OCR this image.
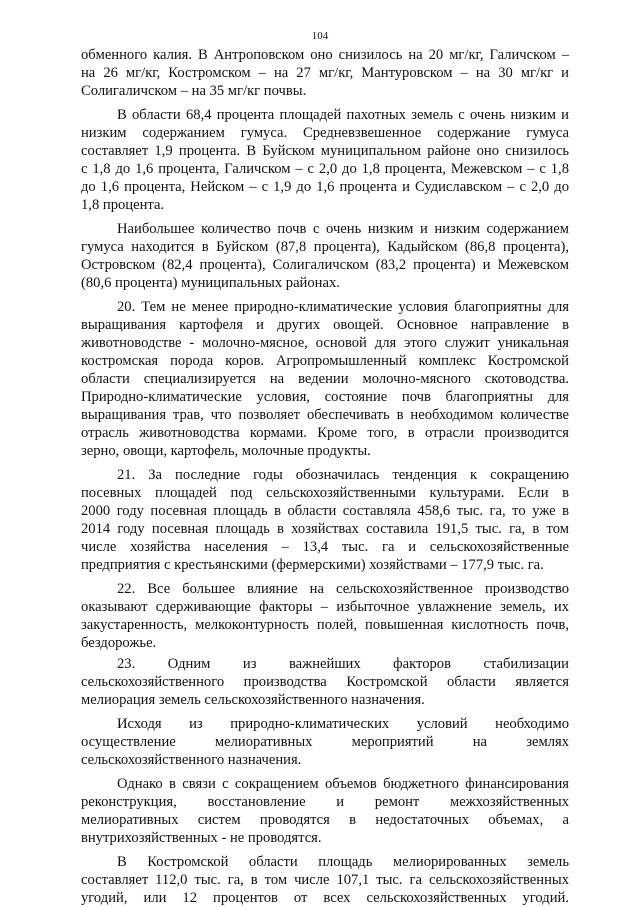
104

обменного калия. В Антроповском оно снизилось на 20 мг/кг, Галичском –
на 26 мг/кг, Костромском – на 27 мг/кг, Мантуровском – на 30 мг/кг и
Солигаличском – на 35 мг/кг почвы.

В области 68,4 процента площадей пахотных земель с очень низким и
низким содержанием гумуса. Средневзвешенное содержание гумуса
составляет 1,9 процента. В Буйском муниципальном районе оно снизилось
с 1,8 до 1,6 процента, Галичском – с 2,0 до 1,8 процента, Межевском – с 1,8
до 1,6 процента, Нейском – с 1,9 до 1,6 процента и Судиславском – с 2,0 до
1,8 процента.

Наибольшее количество почв с очень низким и низким содержанием
гумуса находится в Буйском (87,8 процента), Кадыйском (86,8 процента),
Островском (82,4 процента), Солигаличском (83,2 процента) и Межевском
(80,6 процента) муниципальных районах.

20. Тем не менее природно-климатические условия благоприятны для
выращивания картофеля и других овощей. Основное направление в
животноводстве - молочно-мясное, основой для этого служит уникальная
костромская порода коров. Агропромышленный комплекс Костромской
области специализируется на ведении молочно-мясного скотоводства.
Природно-климатические условия, состояние почв благоприятны для
выращивания трав, что позволяет обеспечивать в необходимом количестве
отрасль животноводства кормами. Кроме того, в отрасли производится
зерно, овощи, картофель, молочные продукты.

21. За последние годы обозначилась тенденция к сокращению
посевных площадей под сельскохозяйственными культурами. Если в
2000 году посевная площадь в области составляла 458,6 тыс. га, то уже в
2014 году посевная площадь в хозяйствах составила 191,5 тыс. га, в том
числе хозяйства населения – 13,4 тыс. га и сельскохозяйственные
предприятия с крестьянскими (фермерскими) хозяйствами – 177,9 тыс. га.

22. Все большее влияние на сельскохозяйственное производство
оказывают сдерживающие факторы – избыточное увлажнение земель, их
закустаренность, мелкоконтурность полей, повышенная кислотность почв,
бездорожье.

23. Одним из важнейших факторов стабилизации
сельскохозяйственного производства Костромской области является
мелиорация земель сельскохозяйственного назначения.

Исходя из природно-климатических условий необходимо
осуществление мелиоративных мероприятий на землях
сельскохозяйственного назначения.

Однако в связи с сокращением объемов бюджетного финансирования
реконструкция, восстановление и ремонт межхозяйственных
мелиоративных систем проводятся в недостаточных объемах, а
внутрихозяйственных - не проводятся.

В Костромской области площадь мелиорированных земель
составляет 112,0 тыс. га, в том числе 107,1 тыс. га сельскохозяйственных
угодий, или 12 процентов от всех сельскохозяйственных угодий.
